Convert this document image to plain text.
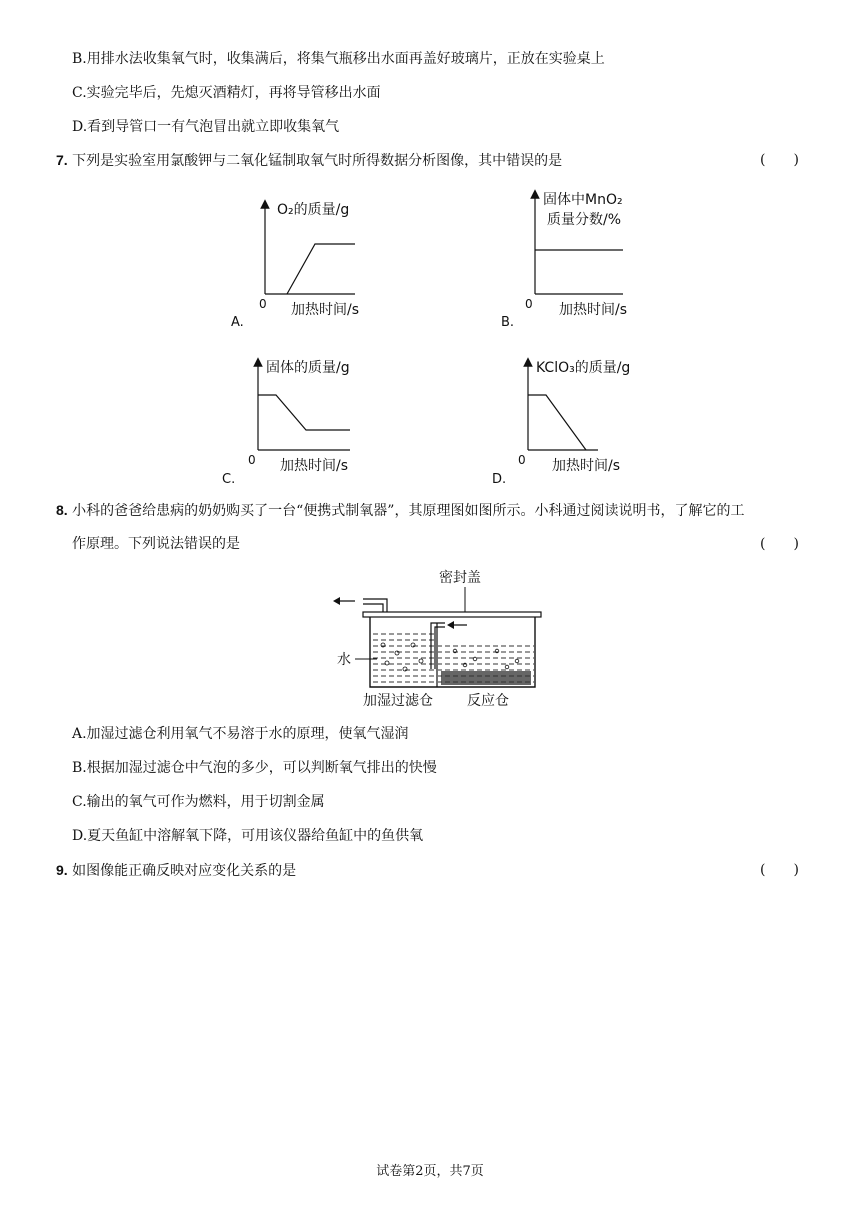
B.用排水法收集氧气时，收集满后，将集气瓶移出水面再盖好玻璃片，正放在实验桌上
C.实验完毕后，先熄灭酒精灯，再将导管移出水面
D.看到导管口一有气泡冒出就立即收集氧气
7. 下列是实验室用氯酸钾与二氧化锰制取氧气时所得数据分析图像，其中错误的是	(　　)
O₂的质量/g
0 加热时间/s
A.
固体中MnO₂
质量分数/%
0 加热时间/s
B.
固体的质量/g
0 加热时间/s
C.
KClO₃的质量/g
0 加热时间/s
D.
8. 小科的爸爸给患病的奶奶购买了一台“便携式制氧器”，其原理图如图所示。小科通过阅读说明书，了解它的工
作原理。下列说法错误的是	(　　)
密封盖
水
加湿过滤仓 反应仓
A.加湿过滤仓利用氧气不易溶于水的原理，使氧气湿润
B.根据加湿过滤仓中气泡的多少，可以判断氧气排出的快慢
C.输出的氧气可作为燃料，用于切割金属
D.夏天鱼缸中溶解氧下降，可用该仪器给鱼缸中的鱼供氧
9. 如图像能正确反映对应变化关系的是	(　　)
试卷第2页，共7页
